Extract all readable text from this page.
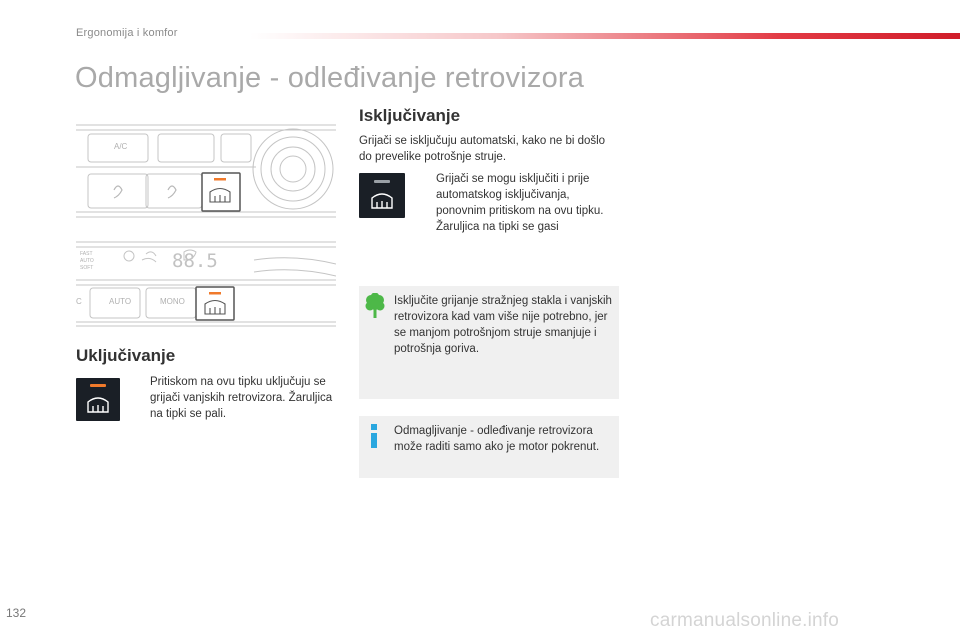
Ergonomija i komfor
Odmagljivanje - odleđivanje retrovizora
A/C
FAST
AUTO
SOFT	88.5
C	AUTO	MONO
Uključivanje
Pritiskom na ovu tipku uključuju se grijači vanjskih retrovizora. Žaruljica na tipki se pali.
Isključivanje
Grijači se isključuju automatski, kako ne bi došlo do prevelike potrošnje struje.
Grijači se mogu isključiti i prije automatskog isključivanja, ponovnim pritiskom na ovu tipku. Žaruljica na tipki se gasi
Isključite grijanje stražnjeg stakla i vanjskih retrovizora kad vam više nije potrebno, jer se manjom potrošnjom struje smanjuje i potrošnja goriva.
Odmagljivanje - odleđivanje retrovizora može raditi samo ako je motor pokrenut.
132	carmanualsonline.info
